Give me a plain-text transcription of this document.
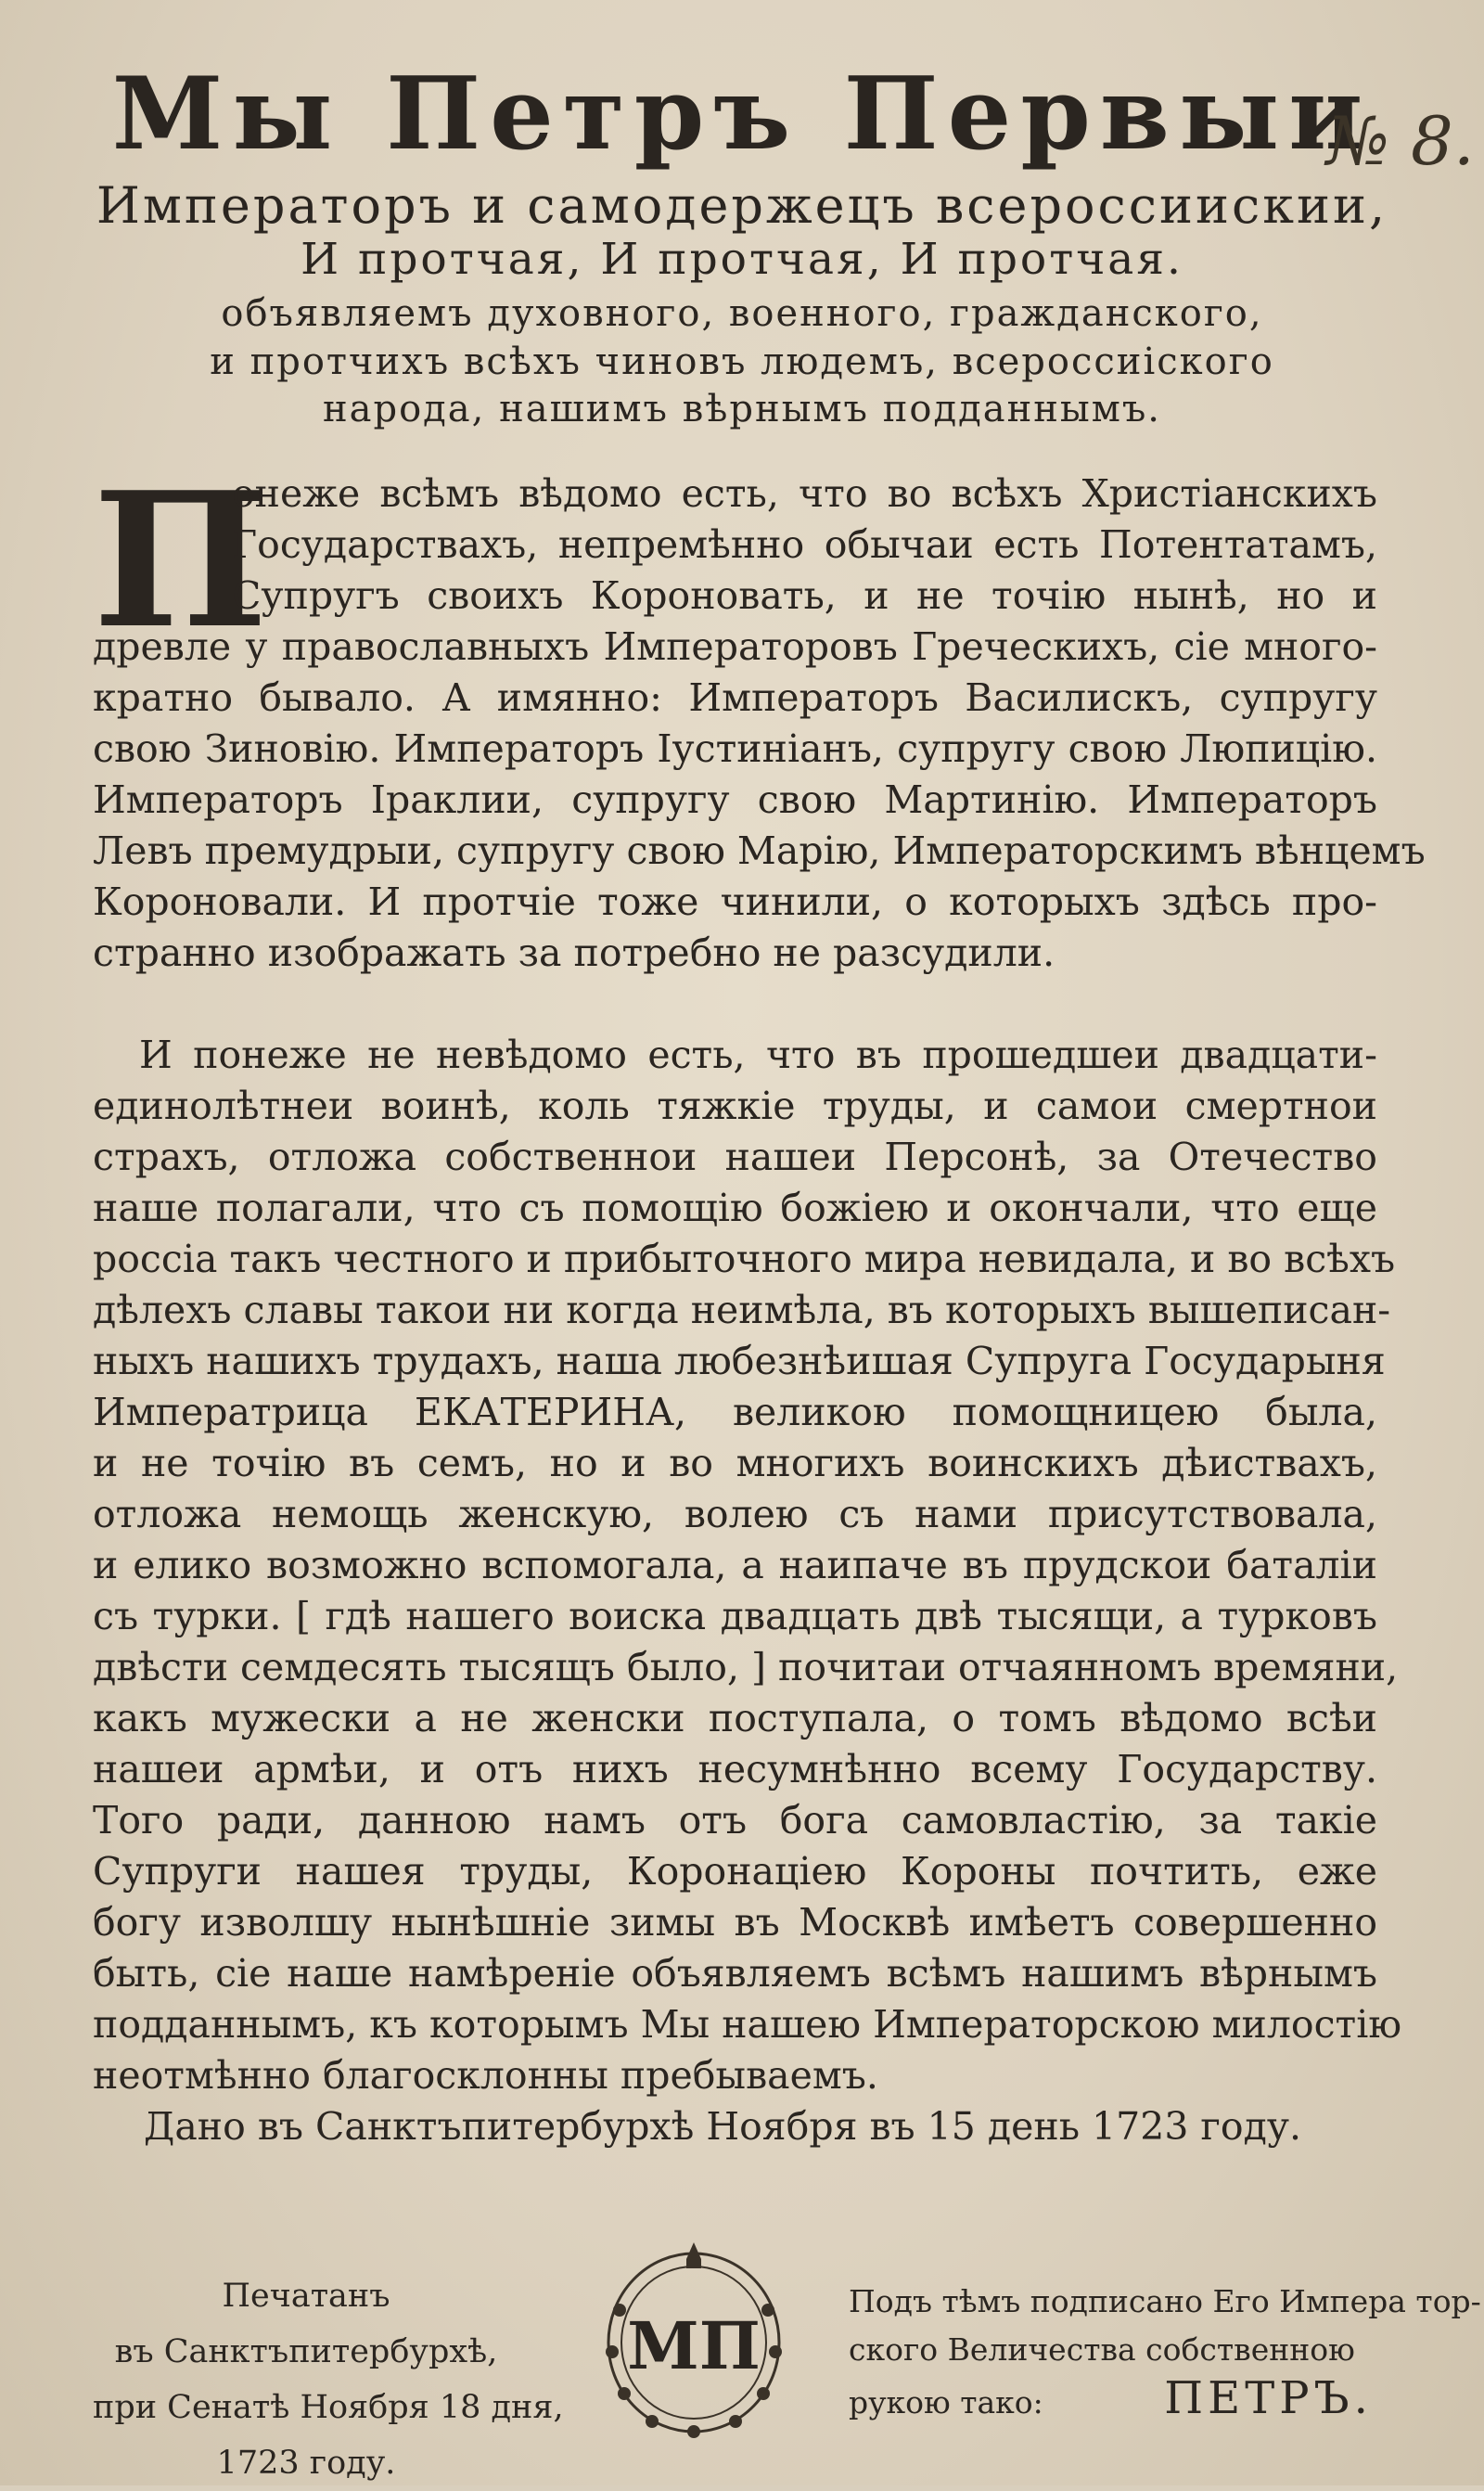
Мы Петръ Первыи
№ 8.
Императоръ и самодержецъ всероссиискии,
И протчая, И протчая, И протчая.
объявляемъ духовного, военного, гражданского,
и протчихъ всѣхъ чиновъ людемъ, всероссиiского
народа, нашимъ вѣрнымъ подданнымъ.
П
онеже всѣмъ вѣдомо есть, что во всѣхъ Христiанскихъ
Государствахъ, непремѣнно обычаи есть Потентатамъ,
Супругъ своихъ Короновать, и не точiю нынѣ, но и
древле у православныхъ Императоровъ Греческихъ, сiе много-
кратно бывало. А имянно: Императоръ Василискъ, супругу
свою Зиновiю. Императоръ Iустинiанъ, супругу свою Люпицiю.
Императоръ Iраклии, супругу свою Мартинiю. Императоръ
Левъ премудрыи, супругу свою Марiю, Императорскимъ вѣнцемъ
Короновали. И протчiе тоже чинили, о которыхъ здѣсь про-
странно изображать за потребно не разсудили.
И понеже не невѣдомо есть, что въ прошедшеи двадцати-
единолѣтнеи воинѣ, коль тяжкiе труды, и самои смертнои
страхъ, отложа собственнои нашеи Персонѣ, за Отечество
наше полагали, что съ помощiю божiею и окончали, что еще
россiа такъ честного и прибыточного мира невидала, и во всѣхъ
дѣлехъ славы такои ни когда неимѣла, въ которыхъ вышеписан-
ныхъ нашихъ трудахъ, наша любезнѣишая Супруга Государыня
Императрица ЕКАТЕРИНА, великою помощницею была,
и не точiю въ семъ, но и во многихъ воинскихъ дѣиствахъ,
отложа немощь женскую, волею съ нами присутствовала,
и елико возможно вспомогала, а наипаче въ прудскои баталiи
съ турки. [ гдѣ нашего воиска двадцать двѣ тысящи, а турковъ
двѣсти семдесять тысящъ было, ] почитаи отчаянномъ времяни,
какъ мужески а не женски поступала, о томъ вѣдомо всѣи
нашеи армѣи, и отъ нихъ несумнѣнно всему Государству.
Того ради, данною намъ отъ бога самовластiю, за такiе
Супруги нашея труды, Коронацiею Короны почтить, еже
богу изволшу нынѣшнiе зимы въ Москвѣ имѣетъ совершенно
быть, сiе наше намѣренiе объявляемъ всѣмъ нашимъ вѣрнымъ
подданнымъ, къ которымъ Мы нашею Императорскою милостiю
неотмѣнно благосклонны пребываемъ.
Дано въ Санктъпитербурхѣ Ноября въ 15 день 1723 году.
Печатанъ
въ Санктъпитербурхѣ,
при Сенатѣ Ноября 18 дня,
1723 году.
МП
Подъ тѣмъ подписано Его Импера тор-
ского Величества собственною
рукою тако:	ПЕТРЪ.
